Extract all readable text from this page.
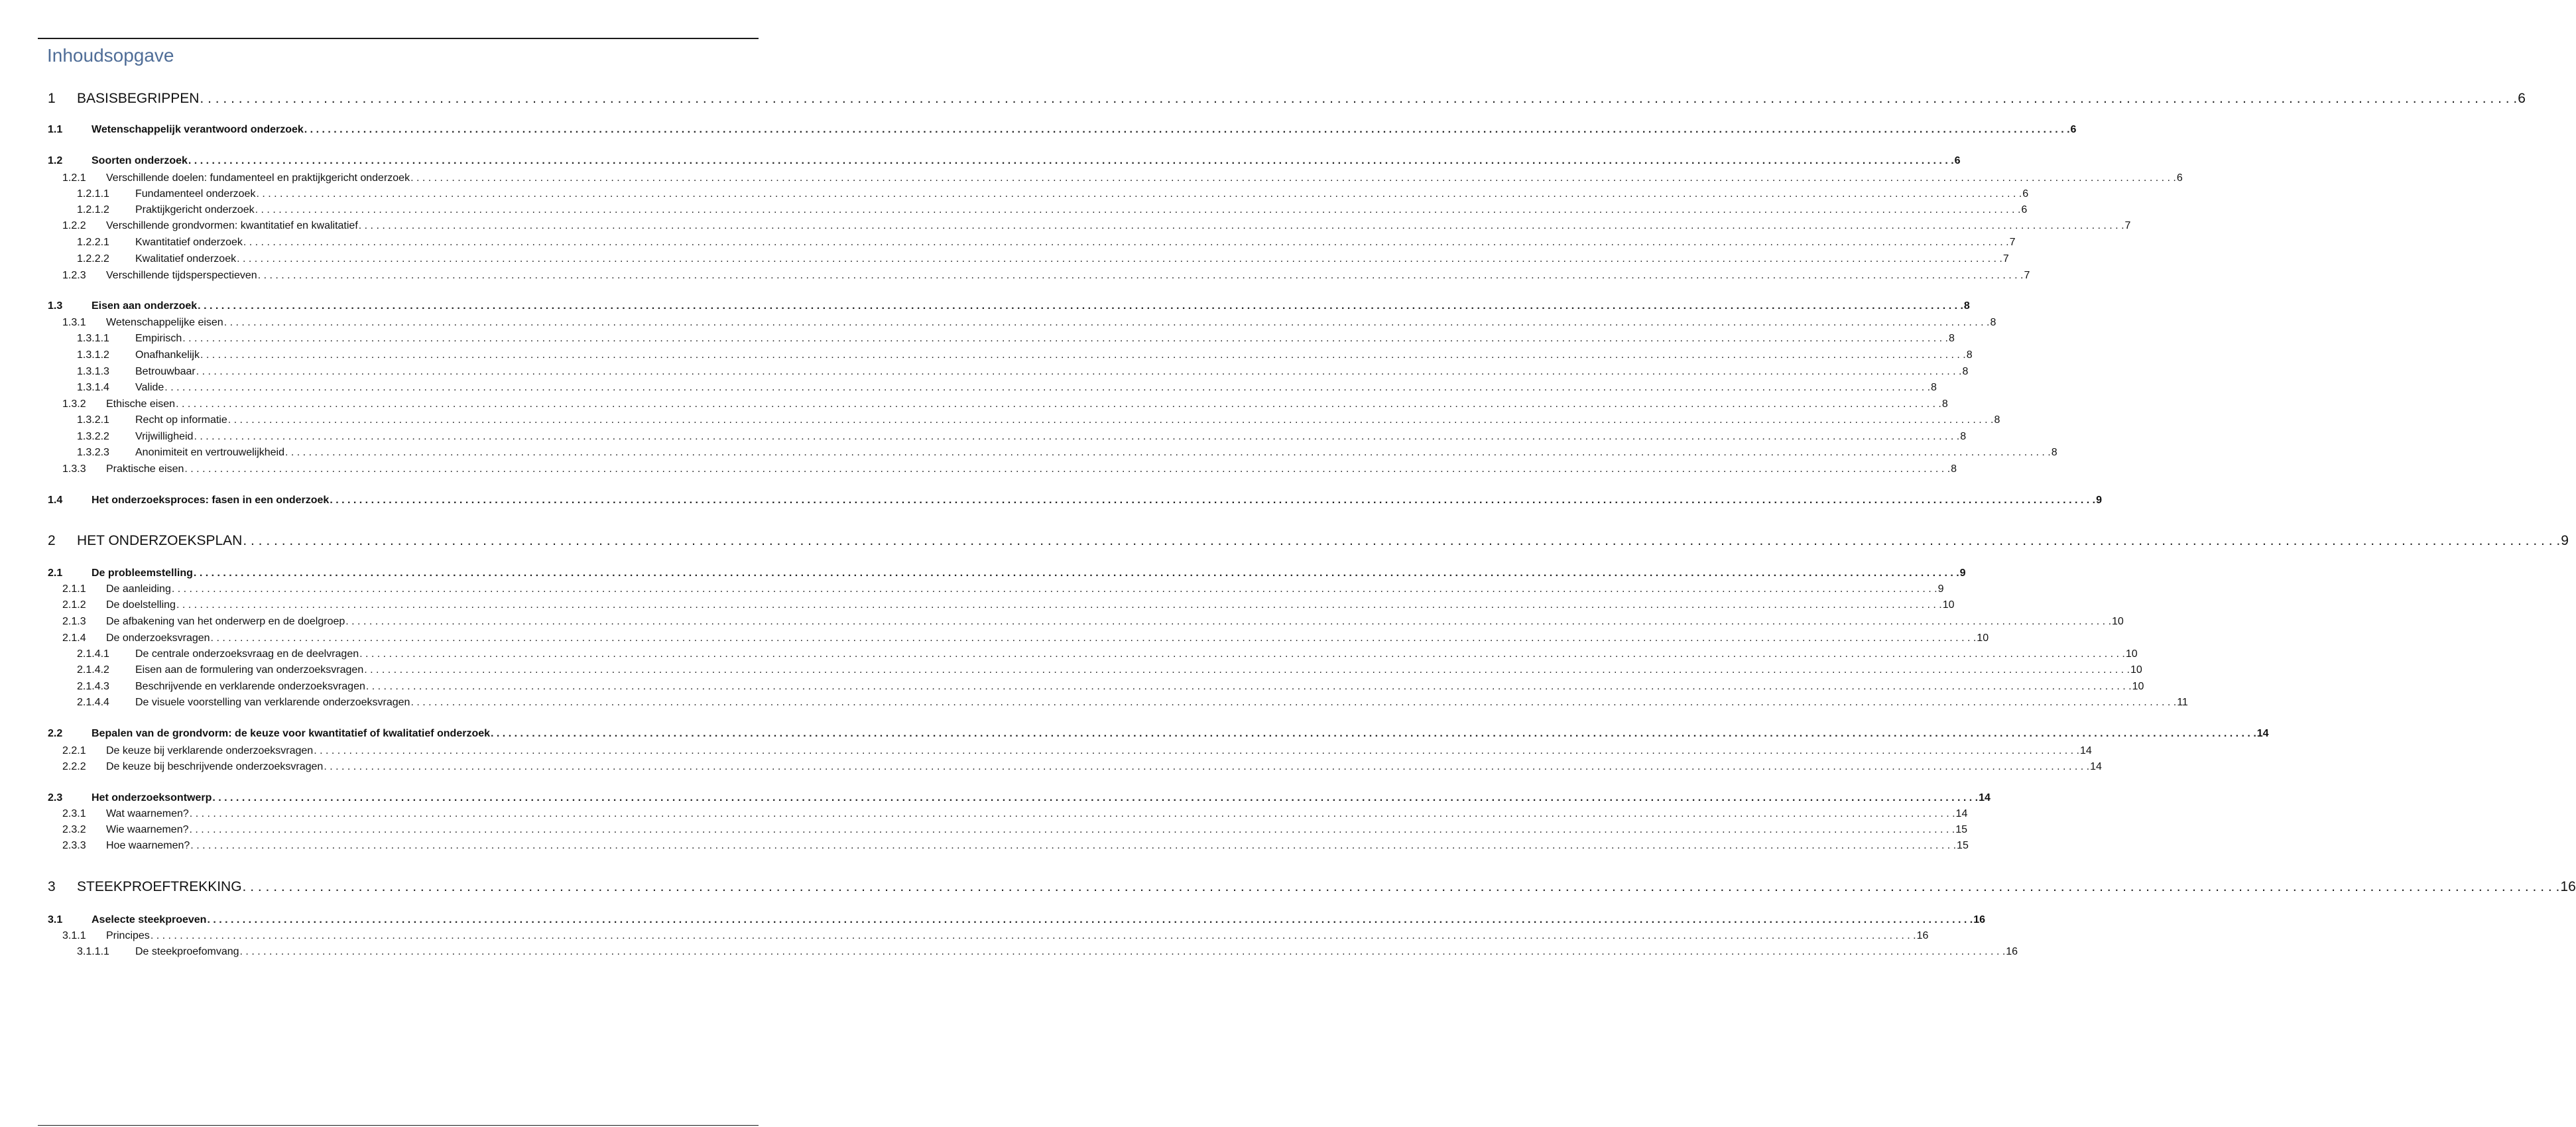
Inhoudsopgave
1 BASISBEGRIPPEN . . . . . . . . . . . . . . . . . . . . . . . . . . . . . . . . . . . . . . . . . . . . . . . . . . . . . . . . . . . . . . . . . . . . . . . . . . . . . . . . . . . . . . . . . . . . . . . . . . . . . . . . . . . . . . . . . . . . . . . . . . . . . . . . . . . . . . . . . . . . . . . . . . . . . . . . . . . . . . . . . . . . . . . . . . . . . . . . . . . . . . . . . . . . . . . . . . . . . . . . . . . . . . . . . . . . . . . . . . . . . . . . . . . . . . . . . . . . . . . . . . . . . . . . . . . . . . . . . . . . . . . . . . . . . . . . . . . . . . . . . . . . . . . . . . . . . . . . . . . . 6
1.1	Wetenschappelijk verantwoord onderzoek . . . . . . . . . . . . . . . . . . . . . . . . . . . . . . . . . . . . . . . . . . . . . . . . . . . . . . . . . . . . . . . . . . . . . . . . . . . . . . . . . . . . . . . . . . . . . . . . . . . . . . . . . . . . . . . . . . . . . . . . . . . . . . . . . . . . . . . . . . . . . . . . . . . . . . . . . . . . . . . . . . . . . . . . . . . . . . . . . . . . . . . . . . . . . . . . . . . . . . . . . . . . . . . . . . . . . . . . . . . . . . . . . . . . . . . . . . . . . . . . . . . . . . . . . . . . . . . . . . . . . . . . . . . . . . . . . . . . . . . . . . . . . . . . . . . . . . . . . . . . 6
1.2	Soorten onderzoek . . . . . . . . . . . . . . . . . . . . . . . . . . . . . . . . . . . . . . . . . . . . . . . . . . . . . . . . . . . . . . . . . . . . . . . . . . . . . . . . . . . . . . . . . . . . . . . . . . . . . . . . . . . . . . . . . . . . . . . . . . . . . . . . . . . . . . . . . . . . . . . . . . . . . . . . . . . . . . . . . . . . . . . . . . . . . . . . . . . . . . . . . . . . . . . . . . . . . . . . . . . . . . . . . . . . . . . . . . . . . . . . . . . . . . . . . . . . . . . . . . . . . . . . . . . . . . . . . . . . . . . . . . . . . . . . . . . . . . . . . . . . . . . . . . . . . . . . . . . . 6
1.2.1 Verschillende doelen: fundamenteel en praktijkgericht onderzoek . . . . . . . . . . . . . . . . . . . . . . . . . . . . . . . . . . . . . . . . . . . . . . . . . . . . . . . . . . . . . . . . . . . . . . . . . . . . . . . . . . . . . . . . . . . . . . . . . . . . . . . . . . . . . . . . . . . . . . . . . . . . . . . . . . . . . . . . . . . . . . . . . . . . . . . . . . . . . . . . . . . . . . . . . . . . . . . . . . . . . . . . . . . . . . . . . . . . . . . . . . . . . . . . . . . . . . . . . . . . . . . . . . . . . . . . . . . . . . . . . . . . . . . . . . . . . . . . . . . . . . . . . . . . . . . . . . . . . . . . . . . . . . . . . . . . . . . . . . . . 6
1.2.1.1 Fundamenteel onderzoek . . . . . . . . . . . . . . . . . . . . . . . . . . . . . . . . . . . . . . . . . . . . . . . . . . . . . . . . . . . . . . . . . . . . . . . . . . . . . . . . . . . . . . . . . . . . . . . . . . . . . . . . . . . . . . . . . . . . . . . . . . . . . . . . . . . . . . . . . . . . . . . . . . . . . . . . . . . . . . . . . . . . . . . . . . . . . . . . . . . . . . . . . . . . . . . . . . . . . . . . . . . . . . . . . . . . . . . . . . . . . . . . . . . . . . . . . . . . . . . . . . . . . . . . . . . . . . . . . . . . . . . . . . . . . . . . . . . . . . . . . . . . . . . . . . . . . . . . . . . . 6
1.2.1.2 Praktijkgericht onderzoek . . . . . . . . . . . . . . . . . . . . . . . . . . . . . . . . . . . . . . . . . . . . . . . . . . . . . . . . . . . . . . . . . . . . . . . . . . . . . . . . . . . . . . . . . . . . . . . . . . . . . . . . . . . . . . . . . . . . . . . . . . . . . . . . . . . . . . . . . . . . . . . . . . . . . . . . . . . . . . . . . . . . . . . . . . . . . . . . . . . . . . . . . . . . . . . . . . . . . . . . . . . . . . . . . . . . . . . . . . . . . . . . . . . . . . . . . . . . . . . . . . . . . . . . . . . . . . . . . . . . . . . . . . . . . . . . . . . . . . . . . . . . . . . . . . . . . . . . . . . . 6
1.2.2 Verschillende grondvormen: kwantitatief en kwalitatief . . . . . . . . . . . . . . . . . . . . . . . . . . . . . . . . . . . . . . . . . . . . . . . . . . . . . . . . . . . . . . . . . . . . . . . . . . . . . . . . . . . . . . . . . . . . . . . . . . . . . . . . . . . . . . . . . . . . . . . . . . . . . . . . . . . . . . . . . . . . . . . . . . . . . . . . . . . . . . . . . . . . . . . . . . . . . . . . . . . . . . . . . . . . . . . . . . . . . . . . . . . . . . . . . . . . . . . . . . . . . . . . . . . . . . . . . . . . . . . . . . . . . . . . . . . . . . . . . . . . . . . . . . . . . . . . . . . . . . . . . . . . . . . . . . . . . . . . . . . . 7
1.2.2.1 Kwantitatief onderzoek . . . . . . . . . . . . . . . . . . . . . . . . . . . . . . . . . . . . . . . . . . . . . . . . . . . . . . . . . . . . . . . . . . . . . . . . . . . . . . . . . . . . . . . . . . . . . . . . . . . . . . . . . . . . . . . . . . . . . . . . . . . . . . . . . . . . . . . . . . . . . . . . . . . . . . . . . . . . . . . . . . . . . . . . . . . . . . . . . . . . . . . . . . . . . . . . . . . . . . . . . . . . . . . . . . . . . . . . . . . . . . . . . . . . . . . . . . . . . . . . . . . . . . . . . . . . . . . . . . . . . . . . . . . . . . . . . . . . . . . . . . . . . . . . . . . . . . . . . . . . 7
1.2.2.2 Kwalitatief onderzoek . . . . . . . . . . . . . . . . . . . . . . . . . . . . . . . . . . . . . . . . . . . . . . . . . . . . . . . . . . . . . . . . . . . . . . . . . . . . . . . . . . . . . . . . . . . . . . . . . . . . . . . . . . . . . . . . . . . . . . . . . . . . . . . . . . . . . . . . . . . . . . . . . . . . . . . . . . . . . . . . . . . . . . . . . . . . . . . . . . . . . . . . . . . . . . . . . . . . . . . . . . . . . . . . . . . . . . . . . . . . . . . . . . . . . . . . . . . . . . . . . . . . . . . . . . . . . . . . . . . . . . . . . . . . . . . . . . . . . . . . . . . . . . . . . . . . . . . . . . . . 7
1.2.3 Verschillende tijdsperspectieven . . . . . . . . . . . . . . . . . . . . . . . . . . . . . . . . . . . . . . . . . . . . . . . . . . . . . . . . . . . . . . . . . . . . . . . . . . . . . . . . . . . . . . . . . . . . . . . . . . . . . . . . . . . . . . . . . . . . . . . . . . . . . . . . . . . . . . . . . . . . . . . . . . . . . . . . . . . . . . . . . . . . . . . . . . . . . . . . . . . . . . . . . . . . . . . . . . . . . . . . . . . . . . . . . . . . . . . . . . . . . . . . . . . . . . . . . . . . . . . . . . . . . . . . . . . . . . . . . . . . . . . . . . . . . . . . . . . . . . . . . . . . . . . . . . . . . . . . . . . . 7
1.3	Eisen aan onderzoek . . . . . . . . . . . . . . . . . . . . . . . . . . . . . . . . . . . . . . . . . . . . . . . . . . . . . . . . . . . . . . . . . . . . . . . . . . . . . . . . . . . . . . . . . . . . . . . . . . . . . . . . . . . . . . . . . . . . . . . . . . . . . . . . . . . . . . . . . . . . . . . . . . . . . . . . . . . . . . . . . . . . . . . . . . . . . . . . . . . . . . . . . . . . . . . . . . . . . . . . . . . . . . . . . . . . . . . . . . . . . . . . . . . . . . . . . . . . . . . . . . . . . . . . . . . . . . . . . . . . . . . . . . . . . . . . . . . . . . . . . . . . . . . . . . . . . . . . . . . . 8
1.3.1 Wetenschappelijke eisen . . . . . . . . . . . . . . . . . . . . . . . . . . . . . . . . . . . . . . . . . . . . . . . . . . . . . . . . . . . . . . . . . . . . . . . . . . . . . . . . . . . . . . . . . . . . . . . . . . . . . . . . . . . . . . . . . . . . . . . . . . . . . . . . . . . . . . . . . . . . . . . . . . . . . . . . . . . . . . . . . . . . . . . . . . . . . . . . . . . . . . . . . . . . . . . . . . . . . . . . . . . . . . . . . . . . . . . . . . . . . . . . . . . . . . . . . . . . . . . . . . . . . . . . . . . . . . . . . . . . . . . . . . . . . . . . . . . . . . . . . . . . . . . . . . . . . . . . . . . . 8
1.3.1.1 Empirisch . . . . . . . . . . . . . . . . . . . . . . . . . . . . . . . . . . . . . . . . . . . . . . . . . . . . . . . . . . . . . . . . . . . . . . . . . . . . . . . . . . . . . . . . . . . . . . . . . . . . . . . . . . . . . . . . . . . . . . . . . . . . . . . . . . . . . . . . . . . . . . . . . . . . . . . . . . . . . . . . . . . . . . . . . . . . . . . . . . . . . . . . . . . . . . . . . . . . . . . . . . . . . . . . . . . . . . . . . . . . . . . . . . . . . . . . . . . . . . . . . . . . . . . . . . . . . . . . . . . . . . . . . . . . . . . . . . . . . . . . . . . . . . . . . . . . . . . . . . . . 8
1.3.1.2 Onafhankelijk . . . . . . . . . . . . . . . . . . . . . . . . . . . . . . . . . . . . . . . . . . . . . . . . . . . . . . . . . . . . . . . . . . . . . . . . . . . . . . . . . . . . . . . . . . . . . . . . . . . . . . . . . . . . . . . . . . . . . . . . . . . . . . . . . . . . . . . . . . . . . . . . . . . . . . . . . . . . . . . . . . . . . . . . . . . . . . . . . . . . . . . . . . . . . . . . . . . . . . . . . . . . . . . . . . . . . . . . . . . . . . . . . . . . . . . . . . . . . . . . . . . . . . . . . . . . . . . . . . . . . . . . . . . . . . . . . . . . . . . . . . . . . . . . . . . . . . . . . . . . 8
1.3.1.3 Betrouwbaar . . . . . . . . . . . . . . . . . . . . . . . . . . . . . . . . . . . . . . . . . . . . . . . . . . . . . . . . . . . . . . . . . . . . . . . . . . . . . . . . . . . . . . . . . . . . . . . . . . . . . . . . . . . . . . . . . . . . . . . . . . . . . . . . . . . . . . . . . . . . . . . . . . . . . . . . . . . . . . . . . . . . . . . . . . . . . . . . . . . . . . . . . . . . . . . . . . . . . . . . . . . . . . . . . . . . . . . . . . . . . . . . . . . . . . . . . . . . . . . . . . . . . . . . . . . . . . . . . . . . . . . . . . . . . . . . . . . . . . . . . . . . . . . . . . . . . . . . . . . . 8
1.3.1.4 Valide . . . . . . . . . . . . . . . . . . . . . . . . . . . . . . . . . . . . . . . . . . . . . . . . . . . . . . . . . . . . . . . . . . . . . . . . . . . . . . . . . . . . . . . . . . . . . . . . . . . . . . . . . . . . . . . . . . . . . . . . . . . . . . . . . . . . . . . . . . . . . . . . . . . . . . . . . . . . . . . . . . . . . . . . . . . . . . . . . . . . . . . . . . . . . . . . . . . . . . . . . . . . . . . . . . . . . . . . . . . . . . . . . . . . . . . . . . . . . . . . . . . . . . . . . . . . . . . . . . . . . . . . . . . . . . . . . . . . . . . . . . . . . . . . . . . . . . . . . . . . 8
1.3.2 Ethische eisen . . . . . . . . . . . . . . . . . . . . . . . . . . . . . . . . . . . . . . . . . . . . . . . . . . . . . . . . . . . . . . . . . . . . . . . . . . . . . . . . . . . . . . . . . . . . . . . . . . . . . . . . . . . . . . . . . . . . . . . . . . . . . . . . . . . . . . . . . . . . . . . . . . . . . . . . . . . . . . . . . . . . . . . . . . . . . . . . . . . . . . . . . . . . . . . . . . . . . . . . . . . . . . . . . . . . . . . . . . . . . . . . . . . . . . . . . . . . . . . . . . . . . . . . . . . . . . . . . . . . . . . . . . . . . . . . . . . . . . . . . . . . . . . . . . . . . . . . . . . . 8
1.3.2.1 Recht op informatie . . . . . . . . . . . . . . . . . . . . . . . . . . . . . . . . . . . . . . . . . . . . . . . . . . . . . . . . . . . . . . . . . . . . . . . . . . . . . . . . . . . . . . . . . . . . . . . . . . . . . . . . . . . . . . . . . . . . . . . . . . . . . . . . . . . . . . . . . . . . . . . . . . . . . . . . . . . . . . . . . . . . . . . . . . . . . . . . . . . . . . . . . . . . . . . . . . . . . . . . . . . . . . . . . . . . . . . . . . . . . . . . . . . . . . . . . . . . . . . . . . . . . . . . . . . . . . . . . . . . . . . . . . . . . . . . . . . . . . . . . . . . . . . . . . . . . . . . . . . . 8
1.3.2.2 Vrijwilligheid . . . . . . . . . . . . . . . . . . . . . . . . . . . . . . . . . . . . . . . . . . . . . . . . . . . . . . . . . . . . . . . . . . . . . . . . . . . . . . . . . . . . . . . . . . . . . . . . . . . . . . . . . . . . . . . . . . . . . . . . . . . . . . . . . . . . . . . . . . . . . . . . . . . . . . . . . . . . . . . . . . . . . . . . . . . . . . . . . . . . . . . . . . . . . . . . . . . . . . . . . . . . . . . . . . . . . . . . . . . . . . . . . . . . . . . . . . . . . . . . . . . . . . . . . . . . . . . . . . . . . . . . . . . . . . . . . . . . . . . . . . . . . . . . . . . . . . . . . . . . 8
1.3.2.3 Anonimiteit en vertrouwelijkheid . . . . . . . . . . . . . . . . . . . . . . . . . . . . . . . . . . . . . . . . . . . . . . . . . . . . . . . . . . . . . . . . . . . . . . . . . . . . . . . . . . . . . . . . . . . . . . . . . . . . . . . . . . . . . . . . . . . . . . . . . . . . . . . . . . . . . . . . . . . . . . . . . . . . . . . . . . . . . . . . . . . . . . . . . . . . . . . . . . . . . . . . . . . . . . . . . . . . . . . . . . . . . . . . . . . . . . . . . . . . . . . . . . . . . . . . . . . . . . . . . . . . . . . . . . . . . . . . . . . . . . . . . . . . . . . . . . . . . . . . . . . . . . . . . . . . . . . . . . . . 8
1.3.3 Praktische eisen . . . . . . . . . . . . . . . . . . . . . . . . . . . . . . . . . . . . . . . . . . . . . . . . . . . . . . . . . . . . . . . . . . . . . . . . . . . . . . . . . . . . . . . . . . . . . . . . . . . . . . . . . . . . . . . . . . . . . . . . . . . . . . . . . . . . . . . . . . . . . . . . . . . . . . . . . . . . . . . . . . . . . . . . . . . . . . . . . . . . . . . . . . . . . . . . . . . . . . . . . . . . . . . . . . . . . . . . . . . . . . . . . . . . . . . . . . . . . . . . . . . . . . . . . . . . . . . . . . . . . . . . . . . . . . . . . . . . . . . . . . . . . . . . . . . . . . . . . . . . 8
1.4	Het onderzoeksproces: fasen in een onderzoek . . . . . . . . . . . . . . . . . . . . . . . . . . . . . . . . . . . . . . . . . . . . . . . . . . . . . . . . . . . . . . . . . . . . . . . . . . . . . . . . . . . . . . . . . . . . . . . . . . . . . . . . . . . . . . . . . . . . . . . . . . . . . . . . . . . . . . . . . . . . . . . . . . . . . . . . . . . . . . . . . . . . . . . . . . . . . . . . . . . . . . . . . . . . . . . . . . . . . . . . . . . . . . . . . . . . . . . . . . . . . . . . . . . . . . . . . . . . . . . . . . . . . . . . . . . . . . . . . . . . . . . . . . . . . . . . . . . . . . . . . . . . . . . . . . . . . . . . . . . . 9
2 HET ONDERZOEKSPLAN . . . . . . . . . . . . . . . . . . . . . . . . . . . . . . . . . . . . . . . . . . . . . . . . . . . . . . . . . . . . . . . . . . . . . . . . . . . . . . . . . . . . . . . . . . . . . . . . . . . . . . . . . . . . . . . . . . . . . . . . . . . . . . . . . . . . . . . . . . . . . . . . . . . . . . . . . . . . . . . . . . . . . . . . . . . . . . . . . . . . . . . . . . . . . . . . . . . . . . . . . . . . . . . . . . . . . . . . . . . . . . . . . . . . . . . . . . . . . . . . . . . . . . . . . . . . . . . . . . . . . . . . . . . . . . . . . . . . . . . . . . . . . . . . . . . . . . . . . . . . 9
2.1	De probleemstelling . . . . . . . . . . . . . . . . . . . . . . . . . . . . . . . . . . . . . . . . . . . . . . . . . . . . . . . . . . . . . . . . . . . . . . . . . . . . . . . . . . . . . . . . . . . . . . . . . . . . . . . . . . . . . . . . . . . . . . . . . . . . . . . . . . . . . . . . . . . . . . . . . . . . . . . . . . . . . . . . . . . . . . . . . . . . . . . . . . . . . . . . . . . . . . . . . . . . . . . . . . . . . . . . . . . . . . . . . . . . . . . . . . . . . . . . . . . . . . . . . . . . . . . . . . . . . . . . . . . . . . . . . . . . . . . . . . . . . . . . . . . . . . . . . . . . . . . . . . . . 9
2.1.1 De aanleiding . . . . . . . . . . . . . . . . . . . . . . . . . . . . . . . . . . . . . . . . . . . . . . . . . . . . . . . . . . . . . . . . . . . . . . . . . . . . . . . . . . . . . . . . . . . . . . . . . . . . . . . . . . . . . . . . . . . . . . . . . . . . . . . . . . . . . . . . . . . . . . . . . . . . . . . . . . . . . . . . . . . . . . . . . . . . . . . . . . . . . . . . . . . . . . . . . . . . . . . . . . . . . . . . . . . . . . . . . . . . . . . . . . . . . . . . . . . . . . . . . . . . . . . . . . . . . . . . . . . . . . . . . . . . . . . . . . . . . . . . . . . . . . . . . . . . . . . . . . . . 9
2.1.2 De doelstelling . . . . . . . . . . . . . . . . . . . . . . . . . . . . . . . . . . . . . . . . . . . . . . . . . . . . . . . . . . . . . . . . . . . . . . . . . . . . . . . . . . . . . . . . . . . . . . . . . . . . . . . . . . . . . . . . . . . . . . . . . . . . . . . . . . . . . . . . . . . . . . . . . . . . . . . . . . . . . . . . . . . . . . . . . . . . . . . . . . . . . . . . . . . . . . . . . . . . . . . . . . . . . . . . . . . . . . . . . . . . . . . . . . . . . . . . . . . . . . . . . . . . . . . . . . . . . . . . . . . . . . . . . . . . . . . . . . . . . . . . . . . . . . . . . . . . . . . . . . . . 10
2.1.3 De afbakening van het onderwerp en de doelgroep . . . . . . . . . . . . . . . . . . . . . . . . . . . . . . . . . . . . . . . . . . . . . . . . . . . . . . . . . . . . . . . . . . . . . . . . . . . . . . . . . . . . . . . . . . . . . . . . . . . . . . . . . . . . . . . . . . . . . . . . . . . . . . . . . . . . . . . . . . . . . . . . . . . . . . . . . . . . . . . . . . . . . . . . . . . . . . . . . . . . . . . . . . . . . . . . . . . . . . . . . . . . . . . . . . . . . . . . . . . . . . . . . . . . . . . . . . . . . . . . . . . . . . . . . . . . . . . . . . . . . . . . . . . . . . . . . . . . . . . . . . . . . . . . . . . . . . . . . . . . 10
2.1.4 De onderzoeksvragen . . . . . . . . . . . . . . . . . . . . . . . . . . . . . . . . . . . . . . . . . . . . . . . . . . . . . . . . . . . . . . . . . . . . . . . . . . . . . . . . . . . . . . . . . . . . . . . . . . . . . . . . . . . . . . . . . . . . . . . . . . . . . . . . . . . . . . . . . . . . . . . . . . . . . . . . . . . . . . . . . . . . . . . . . . . . . . . . . . . . . . . . . . . . . . . . . . . . . . . . . . . . . . . . . . . . . . . . . . . . . . . . . . . . . . . . . . . . . . . . . . . . . . . . . . . . . . . . . . . . . . . . . . . . . . . . . . . . . . . . . . . . . . . . . . . . . . . . . . . . 10
2.1.4.1 De centrale onderzoeksvraag en de deelvragen . . . . . . . . . . . . . . . . . . . . . . . . . . . . . . . . . . . . . . . . . . . . . . . . . . . . . . . . . . . . . . . . . . . . . . . . . . . . . . . . . . . . . . . . . . . . . . . . . . . . . . . . . . . . . . . . . . . . . . . . . . . . . . . . . . . . . . . . . . . . . . . . . . . . . . . . . . . . . . . . . . . . . . . . . . . . . . . . . . . . . . . . . . . . . . . . . . . . . . . . . . . . . . . . . . . . . . . . . . . . . . . . . . . . . . . . . . . . . . . . . . . . . . . . . . . . . . . . . . . . . . . . . . . . . . . . . . . . . . . . . . . . . . . . . . . . . . . . . . . . 10
2.1.4.2 Eisen aan de formulering van onderzoeksvragen . . . . . . . . . . . . . . . . . . . . . . . . . . . . . . . . . . . . . . . . . . . . . . . . . . . . . . . . . . . . . . . . . . . . . . . . . . . . . . . . . . . . . . . . . . . . . . . . . . . . . . . . . . . . . . . . . . . . . . . . . . . . . . . . . . . . . . . . . . . . . . . . . . . . . . . . . . . . . . . . . . . . . . . . . . . . . . . . . . . . . . . . . . . . . . . . . . . . . . . . . . . . . . . . . . . . . . . . . . . . . . . . . . . . . . . . . . . . . . . . . . . . . . . . . . . . . . . . . . . . . . . . . . . . . . . . . . . . . . . . . . . . . . . . . . . . . . . . . . . . 10
2.1.4.3 Beschrijvende en verklarende onderzoeksvragen . . . . . . . . . . . . . . . . . . . . . . . . . . . . . . . . . . . . . . . . . . . . . . . . . . . . . . . . . . . . . . . . . . . . . . . . . . . . . . . . . . . . . . . . . . . . . . . . . . . . . . . . . . . . . . . . . . . . . . . . . . . . . . . . . . . . . . . . . . . . . . . . . . . . . . . . . . . . . . . . . . . . . . . . . . . . . . . . . . . . . . . . . . . . . . . . . . . . . . . . . . . . . . . . . . . . . . . . . . . . . . . . . . . . . . . . . . . . . . . . . . . . . . . . . . . . . . . . . . . . . . . . . . . . . . . . . . . . . . . . . . . . . . . . . . . . . . . . . . . . 10
2.1.4.4 De visuele voorstelling van verklarende onderzoeksvragen . . . . . . . . . . . . . . . . . . . . . . . . . . . . . . . . . . . . . . . . . . . . . . . . . . . . . . . . . . . . . . . . . . . . . . . . . . . . . . . . . . . . . . . . . . . . . . . . . . . . . . . . . . . . . . . . . . . . . . . . . . . . . . . . . . . . . . . . . . . . . . . . . . . . . . . . . . . . . . . . . . . . . . . . . . . . . . . . . . . . . . . . . . . . . . . . . . . . . . . . . . . . . . . . . . . . . . . . . . . . . . . . . . . . . . . . . . . . . . . . . . . . . . . . . . . . . . . . . . . . . . . . . . . . . . . . . . . . . . . . . . . . . . . . . . . . . . . . . . . . 11
2.2	Bepalen van de grondvorm: de keuze voor kwantitatief of kwalitatief onderzoek . . . . . . . . . . . . . . . . . . . . . . . . . . . . . . . . . . . . . . . . . . . . . . . . . . . . . . . . . . . . . . . . . . . . . . . . . . . . . . . . . . . . . . . . . . . . . . . . . . . . . . . . . . . . . . . . . . . . . . . . . . . . . . . . . . . . . . . . . . . . . . . . . . . . . . . . . . . . . . . . . . . . . . . . . . . . . . . . . . . . . . . . . . . . . . . . . . . . . . . . . . . . . . . . . . . . . . . . . . . . . . . . . . . . . . . . . . . . . . . . . . . . . . . . . . . . . . . . . . . . . . . . . . . . . . . . . . . . . . . . . . . . . . . . . . . . . . . . . . . . 14
2.2.1 De keuze bij verklarende onderzoeksvragen . . . . . . . . . . . . . . . . . . . . . . . . . . . . . . . . . . . . . . . . . . . . . . . . . . . . . . . . . . . . . . . . . . . . . . . . . . . . . . . . . . . . . . . . . . . . . . . . . . . . . . . . . . . . . . . . . . . . . . . . . . . . . . . . . . . . . . . . . . . . . . . . . . . . . . . . . . . . . . . . . . . . . . . . . . . . . . . . . . . . . . . . . . . . . . . . . . . . . . . . . . . . . . . . . . . . . . . . . . . . . . . . . . . . . . . . . . . . . . . . . . . . . . . . . . . . . . . . . . . . . . . . . . . . . . . . . . . . . . . . . . . . . . . . . . . . . . . . . . . . 14
2.2.2 De keuze bij beschrijvende onderzoeksvragen . . . . . . . . . . . . . . . . . . . . . . . . . . . . . . . . . . . . . . . . . . . . . . . . . . . . . . . . . . . . . . . . . . . . . . . . . . . . . . . . . . . . . . . . . . . . . . . . . . . . . . . . . . . . . . . . . . . . . . . . . . . . . . . . . . . . . . . . . . . . . . . . . . . . . . . . . . . . . . . . . . . . . . . . . . . . . . . . . . . . . . . . . . . . . . . . . . . . . . . . . . . . . . . . . . . . . . . . . . . . . . . . . . . . . . . . . . . . . . . . . . . . . . . . . . . . . . . . . . . . . . . . . . . . . . . . . . . . . . . . . . . . . . . . . . . . . . . . . . . . 14
2.3	Het onderzoeksontwerp . . . . . . . . . . . . . . . . . . . . . . . . . . . . . . . . . . . . . . . . . . . . . . . . . . . . . . . . . . . . . . . . . . . . . . . . . . . . . . . . . . . . . . . . . . . . . . . . . . . . . . . . . . . . . . . . . . . . . . . . . . . . . . . . . . . . . . . . . . . . . . . . . . . . . . . . . . . . . . . . . . . . . . . . . . . . . . . . . . . . . . . . . . . . . . . . . . . . . . . . . . . . . . . . . . . . . . . . . . . . . . . . . . . . . . . . . . . . . . . . . . . . . . . . . . . . . . . . . . . . . . . . . . . . . . . . . . . . . . . . . . . . . . . . . . . . . . . . . . . . 14
2.3.1 Wat waarnemen? . . . . . . . . . . . . . . . . . . . . . . . . . . . . . . . . . . . . . . . . . . . . . . . . . . . . . . . . . . . . . . . . . . . . . . . . . . . . . . . . . . . . . . . . . . . . . . . . . . . . . . . . . . . . . . . . . . . . . . . . . . . . . . . . . . . . . . . . . . . . . . . . . . . . . . . . . . . . . . . . . . . . . . . . . . . . . . . . . . . . . . . . . . . . . . . . . . . . . . . . . . . . . . . . . . . . . . . . . . . . . . . . . . . . . . . . . . . . . . . . . . . . . . . . . . . . . . . . . . . . . . . . . . . . . . . . . . . . . . . . . . . . . . . . . . . . . . . . . . . . 14
2.3.2 Wie waarnemen? . . . . . . . . . . . . . . . . . . . . . . . . . . . . . . . . . . . . . . . . . . . . . . . . . . . . . . . . . . . . . . . . . . . . . . . . . . . . . . . . . . . . . . . . . . . . . . . . . . . . . . . . . . . . . . . . . . . . . . . . . . . . . . . . . . . . . . . . . . . . . . . . . . . . . . . . . . . . . . . . . . . . . . . . . . . . . . . . . . . . . . . . . . . . . . . . . . . . . . . . . . . . . . . . . . . . . . . . . . . . . . . . . . . . . . . . . . . . . . . . . . . . . . . . . . . . . . . . . . . . . . . . . . . . . . . . . . . . . . . . . . . . . . . . . . . . . . . . . . . . 15
2.3.3 Hoe waarnemen? . . . . . . . . . . . . . . . . . . . . . . . . . . . . . . . . . . . . . . . . . . . . . . . . . . . . . . . . . . . . . . . . . . . . . . . . . . . . . . . . . . . . . . . . . . . . . . . . . . . . . . . . . . . . . . . . . . . . . . . . . . . . . . . . . . . . . . . . . . . . . . . . . . . . . . . . . . . . . . . . . . . . . . . . . . . . . . . . . . . . . . . . . . . . . . . . . . . . . . . . . . . . . . . . . . . . . . . . . . . . . . . . . . . . . . . . . . . . . . . . . . . . . . . . . . . . . . . . . . . . . . . . . . . . . . . . . . . . . . . . . . . . . . . . . . . . . . . . . . . . 15
3 STEEKPROEFTREKKING . . . . . . . . . . . . . . . . . . . . . . . . . . . . . . . . . . . . . . . . . . . . . . . . . . . . . . . . . . . . . . . . . . . . . . . . . . . . . . . . . . . . . . . . . . . . . . . . . . . . . . . . . . . . . . . . . . . . . . . . . . . . . . . . . . . . . . . . . . . . . . . . . . . . . . . . . . . . . . . . . . . . . . . . . . . . . . . . . . . . . . . . . . . . . . . . . . . . . . . . . . . . . . . . . . . . . . . . . . . . . . . . . . . . . . . . . . . . . . . . . . . . . . . . . . . . . . . . . . . . . . . . . . . . . . . . . . . . . . . . . . . . . . . . . . . . . . . . . . . . 16
3.1	Aselecte steekproeven . . . . . . . . . . . . . . . . . . . . . . . . . . . . . . . . . . . . . . . . . . . . . . . . . . . . . . . . . . . . . . . . . . . . . . . . . . . . . . . . . . . . . . . . . . . . . . . . . . . . . . . . . . . . . . . . . . . . . . . . . . . . . . . . . . . . . . . . . . . . . . . . . . . . . . . . . . . . . . . . . . . . . . . . . . . . . . . . . . . . . . . . . . . . . . . . . . . . . . . . . . . . . . . . . . . . . . . . . . . . . . . . . . . . . . . . . . . . . . . . . . . . . . . . . . . . . . . . . . . . . . . . . . . . . . . . . . . . . . . . . . . . . . . . . . . . . . . . . . . . 16
3.1.1 Principes . . . . . . . . . . . . . . . . . . . . . . . . . . . . . . . . . . . . . . . . . . . . . . . . . . . . . . . . . . . . . . . . . . . . . . . . . . . . . . . . . . . . . . . . . . . . . . . . . . . . . . . . . . . . . . . . . . . . . . . . . . . . . . . . . . . . . . . . . . . . . . . . . . . . . . . . . . . . . . . . . . . . . . . . . . . . . . . . . . . . . . . . . . . . . . . . . . . . . . . . . . . . . . . . . . . . . . . . . . . . . . . . . . . . . . . . . . . . . . . . . . . . . . . . . . . . . . . . . . . . . . . . . . . . . . . . . . . . . . . . . . . . . . . . . . . . . . . . . . . . 16
3.1.1.1 De steekproefomvang . . . . . . . . . . . . . . . . . . . . . . . . . . . . . . . . . . . . . . . . . . . . . . . . . . . . . . . . . . . . . . . . . . . . . . . . . . . . . . . . . . . . . . . . . . . . . . . . . . . . . . . . . . . . . . . . . . . . . . . . . . . . . . . . . . . . . . . . . . . . . . . . . . . . . . . . . . . . . . . . . . . . . . . . . . . . . . . . . . . . . . . . . . . . . . . . . . . . . . . . . . . . . . . . . . . . . . . . . . . . . . . . . . . . . . . . . . . . . . . . . . . . . . . . . . . . . . . . . . . . . . . . . . . . . . . . . . . . . . . . . . . . . . . . . . . . . . . . . . . . 16
